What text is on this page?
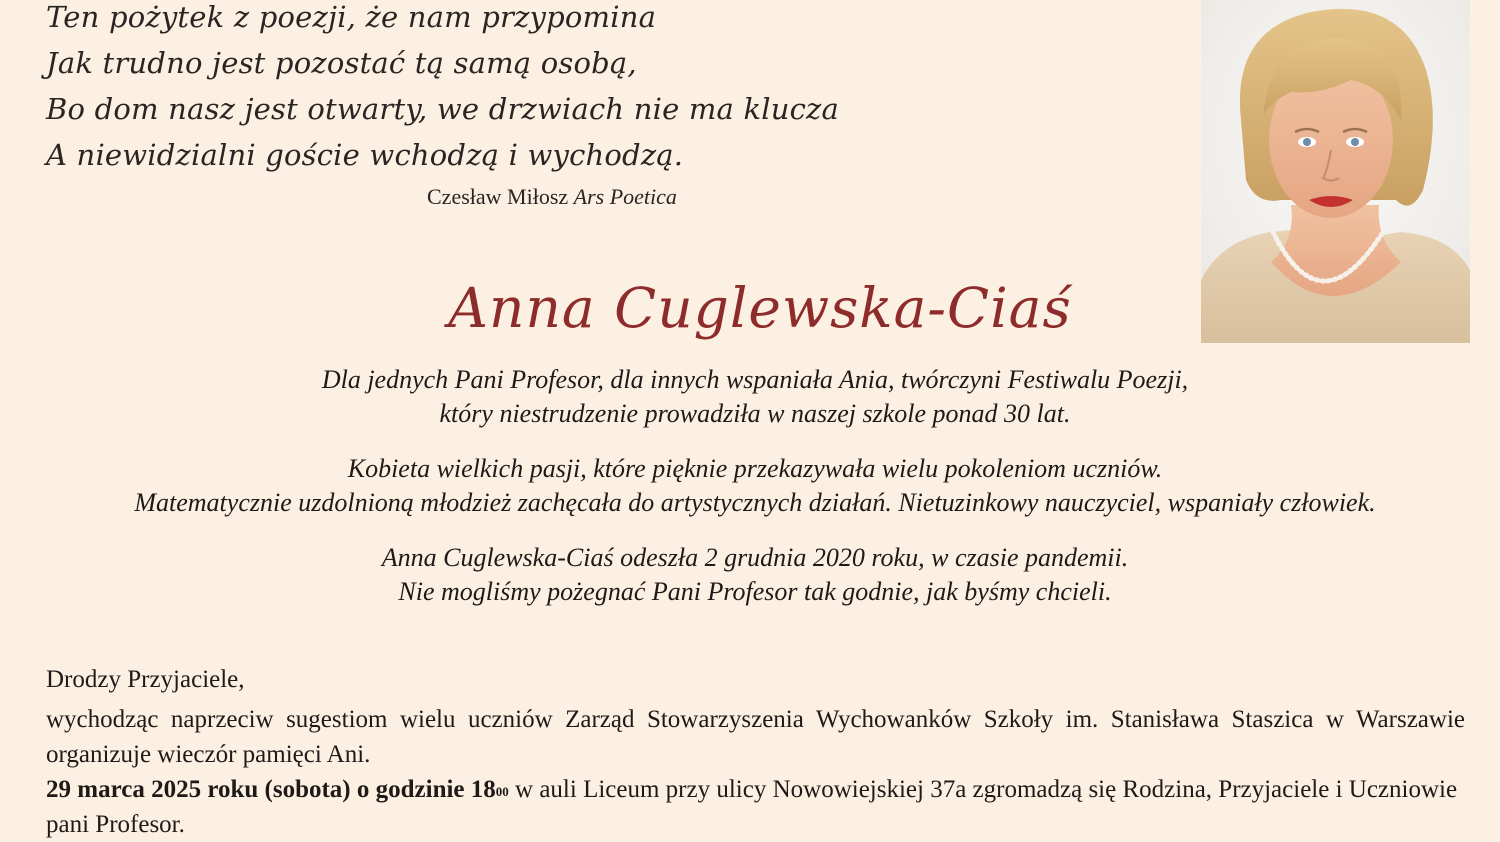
Ten pożytek z poezji, że nam przypomina
Jak trudno jest pozostać tą samą osobą,
Bo dom nasz jest otwarty, we drzwiach nie ma klucza
A niewidzialni goście wchodzą i wychodzą.
Czesław Miłosz Ars Poetica
Anna Cuglewska-Ciaś
Dla jednych Pani Profesor, dla innych wspaniała Ania, twórczyni Festiwalu Poezji,
który niestrudzenie prowadziła w naszej szkole ponad 30 lat.
Kobieta wielkich pasji, które pięknie przekazywała wielu pokoleniom uczniów.
Matematycznie uzdolnioną młodzież zachęcała do artystycznych działań. Nietuzinkowy nauczyciel, wspaniały człowiek.
Anna Cuglewska-Ciaś odeszła 2 grudnia 2020 roku, w czasie pandemii.
Nie mogliśmy pożegnać Pani Profesor tak godnie, jak byśmy chcieli.
Drodzy Przyjaciele,
wychodząc naprzeciw sugestiom wielu uczniów Zarząd Stowarzyszenia Wychowanków Szkoły im. Stanisława Staszica w Warszawie organizuje wieczór pamięci Ani.
29 marca 2025 roku (sobota) o godzinie $18^{00}$ w auli Liceum przy ulicy Nowowiejskiej 37a zgromadzą się Rodzina, Przyjaciele i Uczniowie pani Profesor.
